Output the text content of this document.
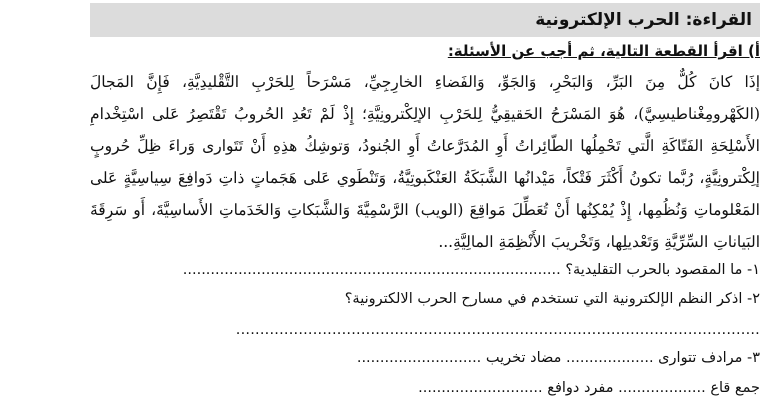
القراءة: الحرب الإلكترونية
أ) اقرأ القطعة التالية، ثم أجب عن الأسئلة:
إذَا كانَ كُلٌّ مِنَ البَرِّ، وَالبَحْرِ، وَالجَوِّ، وَالفَضاءِ الخارِجِيِّ، مَسْرَحاً لِلحَرْبِ التَّقْليدِيَّةِ، فَإِنَّ المَجالَ
(الكَهْرومِغْناطيسِيَّ)، هُوَ المَسْرَحُ الحَقيقِيُّ لِلحَرْبِ الإلِكْترونِيَّةِ؛ إِذْ لَمْ تَعُدِ الحُروبُ تَقْتَصِرُ عَلى اسْتِخْدامِ
الأَسْلِحَةِ الفَتّاكَةِ الَّتي تَحْمِلُها الطّائِراتُ أَوِ المُدَرَّعاتُ أَوِ الجُنودُ، وَتوشِكُ هذِهِ أَنْ تَتَوارى وَراءَ ظِلِّ حُروبٍ
إلِكْترونِيَّةٍ، رُبَّما تكونُ أَكْثَرَ فَتْكاً، مَيْدانُها الشَّبَكَةُ العَنْكَبوتِيَّةُ، وَتَنْطَوي عَلى هَجَماتٍ ذاتِ دَوافِعَ سِياسِيَّةٍ عَلى
المَعْلوماتِ وَنُظُمِها، إِذْ يُمْكِنُها أَنْ تُعَطِّلَ مَواقِعَ (الويب) الرَّسْمِيَّةَ وَالشَّبَكاتِ وَالخَدَماتِ الأَساسِيَّةَ، أَو سَرِقَةَ
البَياناتِ السِّرِّيَّةِ وَتَعْديلِها، وَتَخْريبَ الأَنْظِمَةِ المالِيَّةِ...
١- ما المقصود بالحرب التقليدية؟ ..................................................................................
٢- اذكر النظم الإلكترونية التي تستخدم في مسارح الحرب الالكترونية؟
.............................................................................................................
٣- مرادف تتوارى ................... مضاد تخريب ...........................
جمع قاع ................... مفرد دوافع ...........................
